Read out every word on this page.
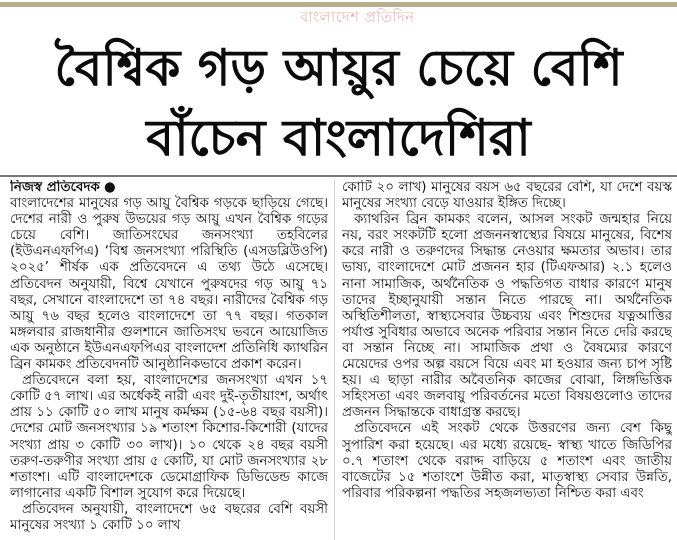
বাংলাদেশ প্রতিদিন
বৈশ্বিক গড় আয়ুর চেয়ে বেশি
বাঁচেন বাংলাদেশিরা

নিজস্ব প্রতিবেদক ●

বাংলাদেশের মানুষের গড় আয়ু বৈশ্বিক গড়কে ছাড়িয়ে গেছে। দেশের নারী ও পুরুষ উভয়ের গড় আয়ু এখন বৈশ্বিক গড়ের চেয়ে বেশি। জাতিসংঘের জনসংখ্যা তহবিলের (ইউএনএফপিএ) ‘বিশ্ব জনসংখ্যা পরিস্থিতি (এসডব্লিউওপি) ২০২৫’ শীর্ষক এক প্রতিবেদনে এ তথ্য উঠে এসেছে। প্রতিবেদন অনুযায়ী, বিশ্বে যেখানে পুরুষদের গড় আয়ু ৭১ বছর, সেখানে বাংলাদেশে তা ৭৪ বছর। নারীদের বৈশ্বিক গড় আয়ু ৭৬ বছর হলেও বাংলাদেশে তা ৭৭ বছর। গতকাল মঙ্গলবার রাজধানীর গুলশানে জাতিসংঘ ভবনে আয়োজিত এক অনুষ্ঠানে ইউএনএফপিএর বাংলাদেশ প্রতিনিধি ক্যাথরিন ব্রিন কামকং প্রতিবেদনটি আনুষ্ঠানিকভাবে প্রকাশ করেন।

প্রতিবেদনে বলা হয়, বাংলাদেশের জনসংখ্যা এখন ১৭ কোটি ৫৭ লাখ। এর অর্ধেকই নারী এবং দুই-তৃতীয়াংশ, অর্থাৎ প্রায় ১১ কোটি ৫০ লাখ মানুষ কর্মক্ষম (১৫-৬৪ বছর বয়সী)। দেশের মোট জনসংখ্যার ১৯ শতাংশ কিশোর-কিশোরী (যাদের সংখ্যা প্রায় ৩ কোটি ৩০ লাখ)। ১০ থেকে ২৪ বছর বয়সী তরুণ-তরুণীর সংখ্যা প্রায় ৫ কোটি, যা মোট জনসংখ্যার ২৮ শতাংশ। এটি বাংলাদেশকে ডেমোগ্রাফিক ডিভিডেন্ড কাজে লাগানোর একটি বিশাল সুযোগ করে দিয়েছে।

প্রতিবেদন অনুযায়ী, বাংলাদেশে ৬৫ বছরের বেশি বয়সী মানুষের সংখ্যা ১ কোটি ১০ লাখ

কোটি ২০ লাখ) মানুষের বয়স ৬৫ বছরের বেশি, যা দেশে বয়স্ক মানুষের সংখ্যা বেড়ে যাওয়ার ইঙ্গিত দিচ্ছে।

ক্যাথরিন ব্রিন কামকং বলেন, আসল সংকট জন্মহার নিয়ে নয়, বরং সংকটটি হলো প্রজননস্বাস্থ্যের বিষয়ে মানুষের, বিশেষ করে নারী ও তরুণদের সিদ্ধান্ত নেওয়ার ক্ষমতার অভাব। তার ভাষ্য, বাংলাদেশে মোট প্রজনন হার (টিএফআর) ২.১ হলেও নানা সামাজিক, অর্থনৈতিক ও পদ্ধতিগত বাধার কারণে মানুষ তাদের ইচ্ছানুযায়ী সন্তান নিতে পারছে না। অর্থনৈতিক অস্থিতিশীলতা, স্বাস্থ্যসেবার উচ্চব্যয় এবং শিশুদের যত্নআত্তির পর্যাপ্ত সুবিধার অভাবে অনেক পরিবার সন্তান নিতে দেরি করছে বা সন্তান নিচ্ছে না। সামাজিক প্রথা ও বৈষম্যের কারণে মেয়েদের ওপর অল্প বয়সে বিয়ে এবং মা হওয়ার জন্য চাপ সৃষ্টি হয়। এ ছাড়া নারীর অবৈতনিক কাজের বোঝা, লিঙ্গভিত্তিক সহিংসতা এবং জলবায়ু পরিবর্তনের মতো বিষয়গুলোও তাদের প্রজনন সিদ্ধান্তকে বাধাগ্রস্ত করছে।

প্রতিবেদনে এই সংকট থেকে উত্তরণের জন্য বেশ কিছু সুপারিশ করা হয়েছে। এর মধ্যে রয়েছে- স্বাস্থ্য খাতে জিডিপির ০.৭ শতাংশ থেকে বরাদ্দ বাড়িয়ে ৫ শতাংশ এবং জাতীয় বাজেটের ১৫ শতাংশে উন্নীত করা, মাতৃস্বাস্থ্য সেবার উন্নতি, পরিবার পরিকল্পনা পদ্ধতির সহজলভ্যতা নিশ্চিত করা এবং
